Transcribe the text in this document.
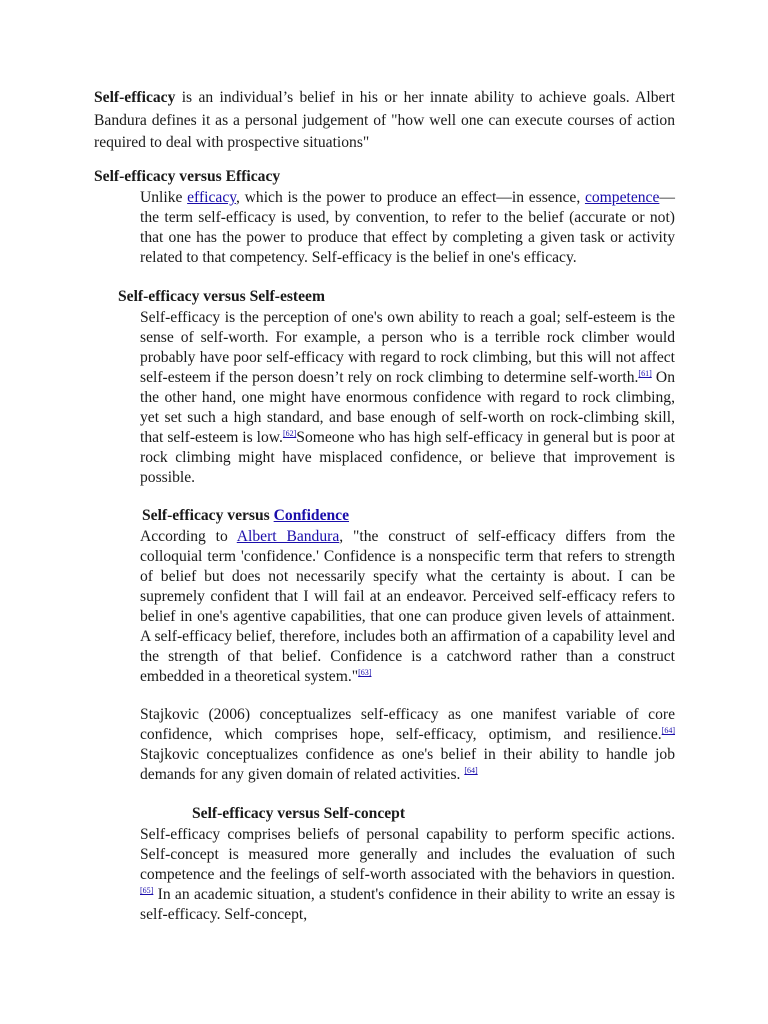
Self-efficacy is an individual’s belief in his or her innate ability to achieve goals. Albert Bandura defines it as a personal judgement of "how well one can execute courses of action required to deal with prospective situations"

Self-efficacy versus Efficacy

Unlike efficacy, which is the power to produce an effect—in essence, competence—the term self-efficacy is used, by convention, to refer to the belief (accurate or not) that one has the power to produce that effect by completing a given task or activity related to that competency. Self-efficacy is the belief in one's efficacy.

Self-efficacy versus Self-esteem

Self-efficacy is the perception of one's own ability to reach a goal; self-esteem is the sense of self-worth. For example, a person who is a terrible rock climber would probably have poor self-efficacy with regard to rock climbing, but this will not affect self-esteem if the person doesn’t rely on rock climbing to determine self-worth.[61] On the other hand, one might have enormous confidence with regard to rock climbing, yet set such a high standard, and base enough of self-worth on rock-climbing skill, that self-esteem is low.[62]Someone who has high self-efficacy in general but is poor at rock climbing might have misplaced confidence, or believe that improvement is possible.

Self-efficacy versus Confidence

According to Albert Bandura, "the construct of self-efficacy differs from the colloquial term 'confidence.' Confidence is a nonspecific term that refers to strength of belief but does not necessarily specify what the certainty is about. I can be supremely confident that I will fail at an endeavor. Perceived self-efficacy refers to belief in one's agentive capabilities, that one can produce given levels of attainment. A self-efficacy belief, therefore, includes both an affirmation of a capability level and the strength of that belief. Confidence is a catchword rather than a construct embedded in a theoretical system."[63]

Stajkovic (2006) conceptualizes self-efficacy as one manifest variable of core confidence, which comprises hope, self-efficacy, optimism, and resilience.[64] Stajkovic conceptualizes confidence as one's belief in their ability to handle job demands for any given domain of related activities. [64]

Self-efficacy versus Self-concept

Self-efficacy comprises beliefs of personal capability to perform specific actions. Self-concept is measured more generally and includes the evaluation of such competence and the feelings of self-worth associated with the behaviors in question.[65] In an academic situation, a student's confidence in their ability to write an essay is self-efficacy. Self-concept,
